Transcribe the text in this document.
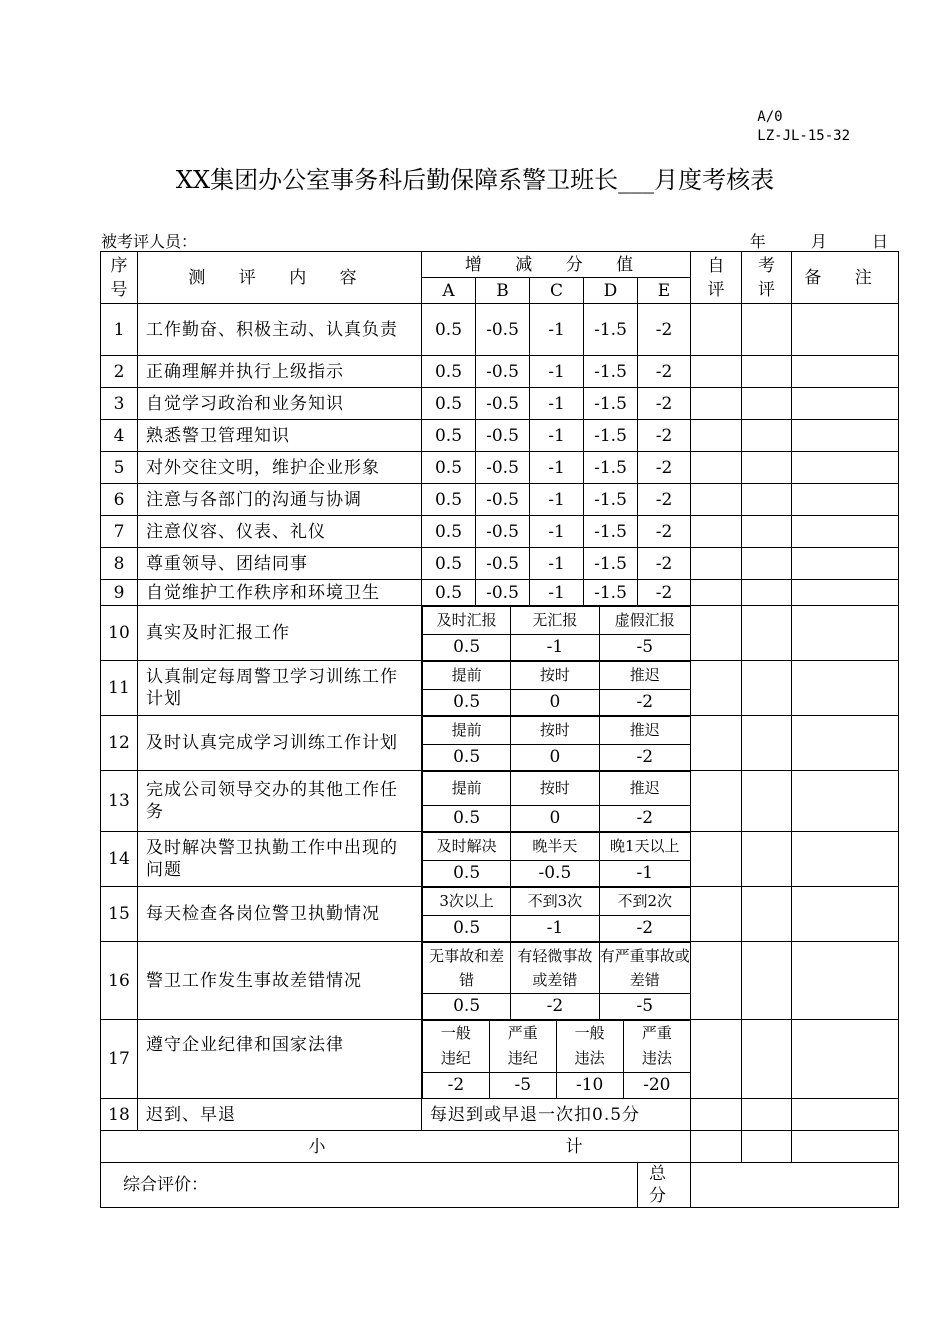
A/0
LZ-JL-15-32
XX集团办公室事务科后勤保障系警卫班长___月度考核表
被考评人员：	年	月	日
序号	测 评 内 容	增 减 分 值	自评	考评	备 注
A	B	C	D	E
1	工作勤奋、积极主动、认真负责	0.5	-0.5	-1	-1.5	-2			
2	正确理解并执行上级指示	0.5	-0.5	-1	-1.5	-2			
3	自觉学习政治和业务知识	0.5	-0.5	-1	-1.5	-2			
4	熟悉警卫管理知识	0.5	-0.5	-1	-1.5	-2			
5	对外交往文明，维护企业形象	0.5	-0.5	-1	-1.5	-2			
6	注意与各部门的沟通与协调	0.5	-0.5	-1	-1.5	-2			
7	注意仪容、仪表、礼仪	0.5	-0.5	-1	-1.5	-2			
8	尊重领导、团结同事	0.5	-0.5	-1	-1.5	-2			
9	自觉维护工作秩序和环境卫生	0.5	-0.5	-1	-1.5	-2			
10	真实及时汇报工作	
及时汇报	无汇报	虚假汇报
0.5	-1	-5

11	认真制定每周警卫学习训练工作计划	
提前	按时	推迟
0.5	0	-2

12	及时认真完成学习训练工作计划	
提前	按时	推迟
0.5	0	-2

13	完成公司领导交办的其他工作任务	
提前	按时	推迟
0.5	0	-2

14	及时解决警卫执勤工作中出现的问题	
及时解决	晚半天	晚1天以上
0.5	-0.5	-1

15	每天检查各岗位警卫执勤情况	
3次以上	不到3次	不到2次
0.5	-1	-2

16	警卫工作发生事故差错情况	
无事故和差错	有轻微事故或差错	有严重事故或差错
0.5	-2	-5

17	遵守企业纪律和国家法律	
一般违纪	严重违纪	一般违法	严重违法
-2	-5	-10	-20

18	迟到、早退	每迟到或早退一次扣0.5分			
小	计			
综合评价：	总 分	
